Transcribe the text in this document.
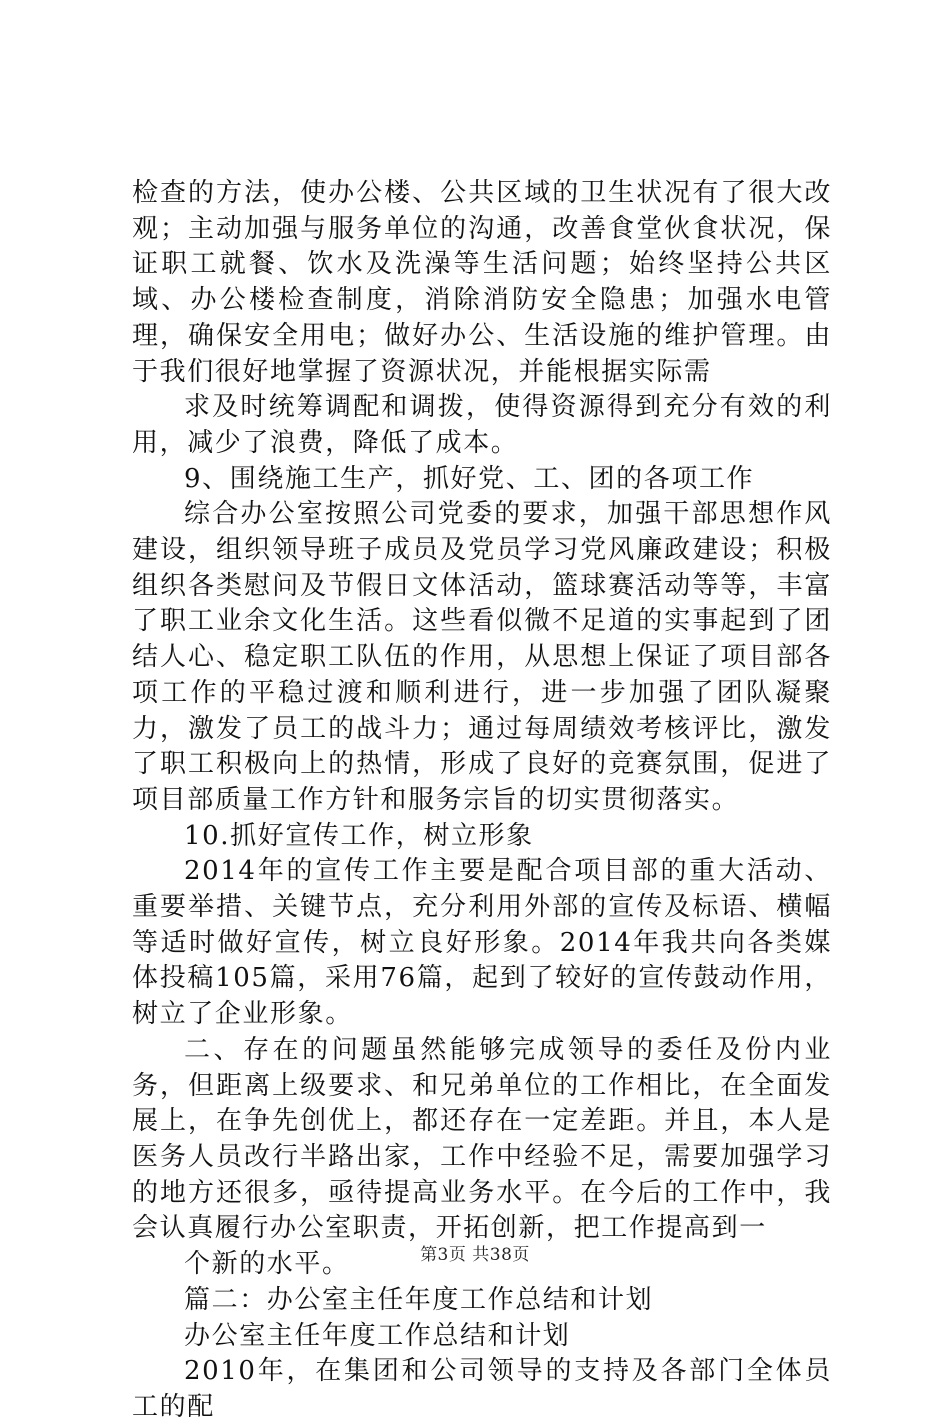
检查的方法，使办公楼、公共区域的卫生状况有了很大改观；主动加强与服务单位的沟通，改善食堂伙食状况，保证职工就餐、饮水及洗澡等生活问题；始终坚持公共区域、办公楼检查制度，消除消防安全隐患；加强水电管理，确保安全用电；做好办公、生活设施的维护管理。由于我们很好地掌握了资源状况，并能根据实际需

求及时统筹调配和调拨，使得资源得到充分有效的利用，减少了浪费，降低了成本。

9、围绕施工生产，抓好党、工、团的各项工作

综合办公室按照公司党委的要求，加强干部思想作风建设，组织领导班子成员及党员学习党风廉政建设；积极组织各类慰问及节假日文体活动，篮球赛活动等等，丰富了职工业余文化生活。这些看似微不足道的实事起到了团结人心、稳定职工队伍的作用，从思想上保证了项目部各项工作的平稳过渡和顺利进行，进一步加强了团队凝聚力，激发了员工的战斗力；通过每周绩效考核评比，激发了职工积极向上的热情，形成了良好的竞赛氛围，促进了项目部质量工作方针和服务宗旨的切实贯彻落实。

10.抓好宣传工作，树立形象

2014年的宣传工作主要是配合项目部的重大活动、重要举措、关键节点，充分利用外部的宣传及标语、横幅等适时做好宣传，树立良好形象。2014年我共向各类媒体投稿105篇，采用76篇，起到了较好的宣传鼓动作用，树立了企业形象。

二、存在的问题虽然能够完成领导的委任及份内业务，但距离上级要求、和兄弟单位的工作相比，在全面发展上，在争先创优上，都还存在一定差距。并且，本人是医务人员改行半路出家，工作中经验不足，需要加强学习的地方还很多，亟待提高业务水平。在今后的工作中，我会认真履行办公室职责，开拓创新，把工作提高到一

个新的水平。

篇二：办公室主任年度工作总结和计划

办公室主任年度工作总结和计划

2010年，在集团和公司领导的支持及各部门全体员工的配

第3页 共38页
